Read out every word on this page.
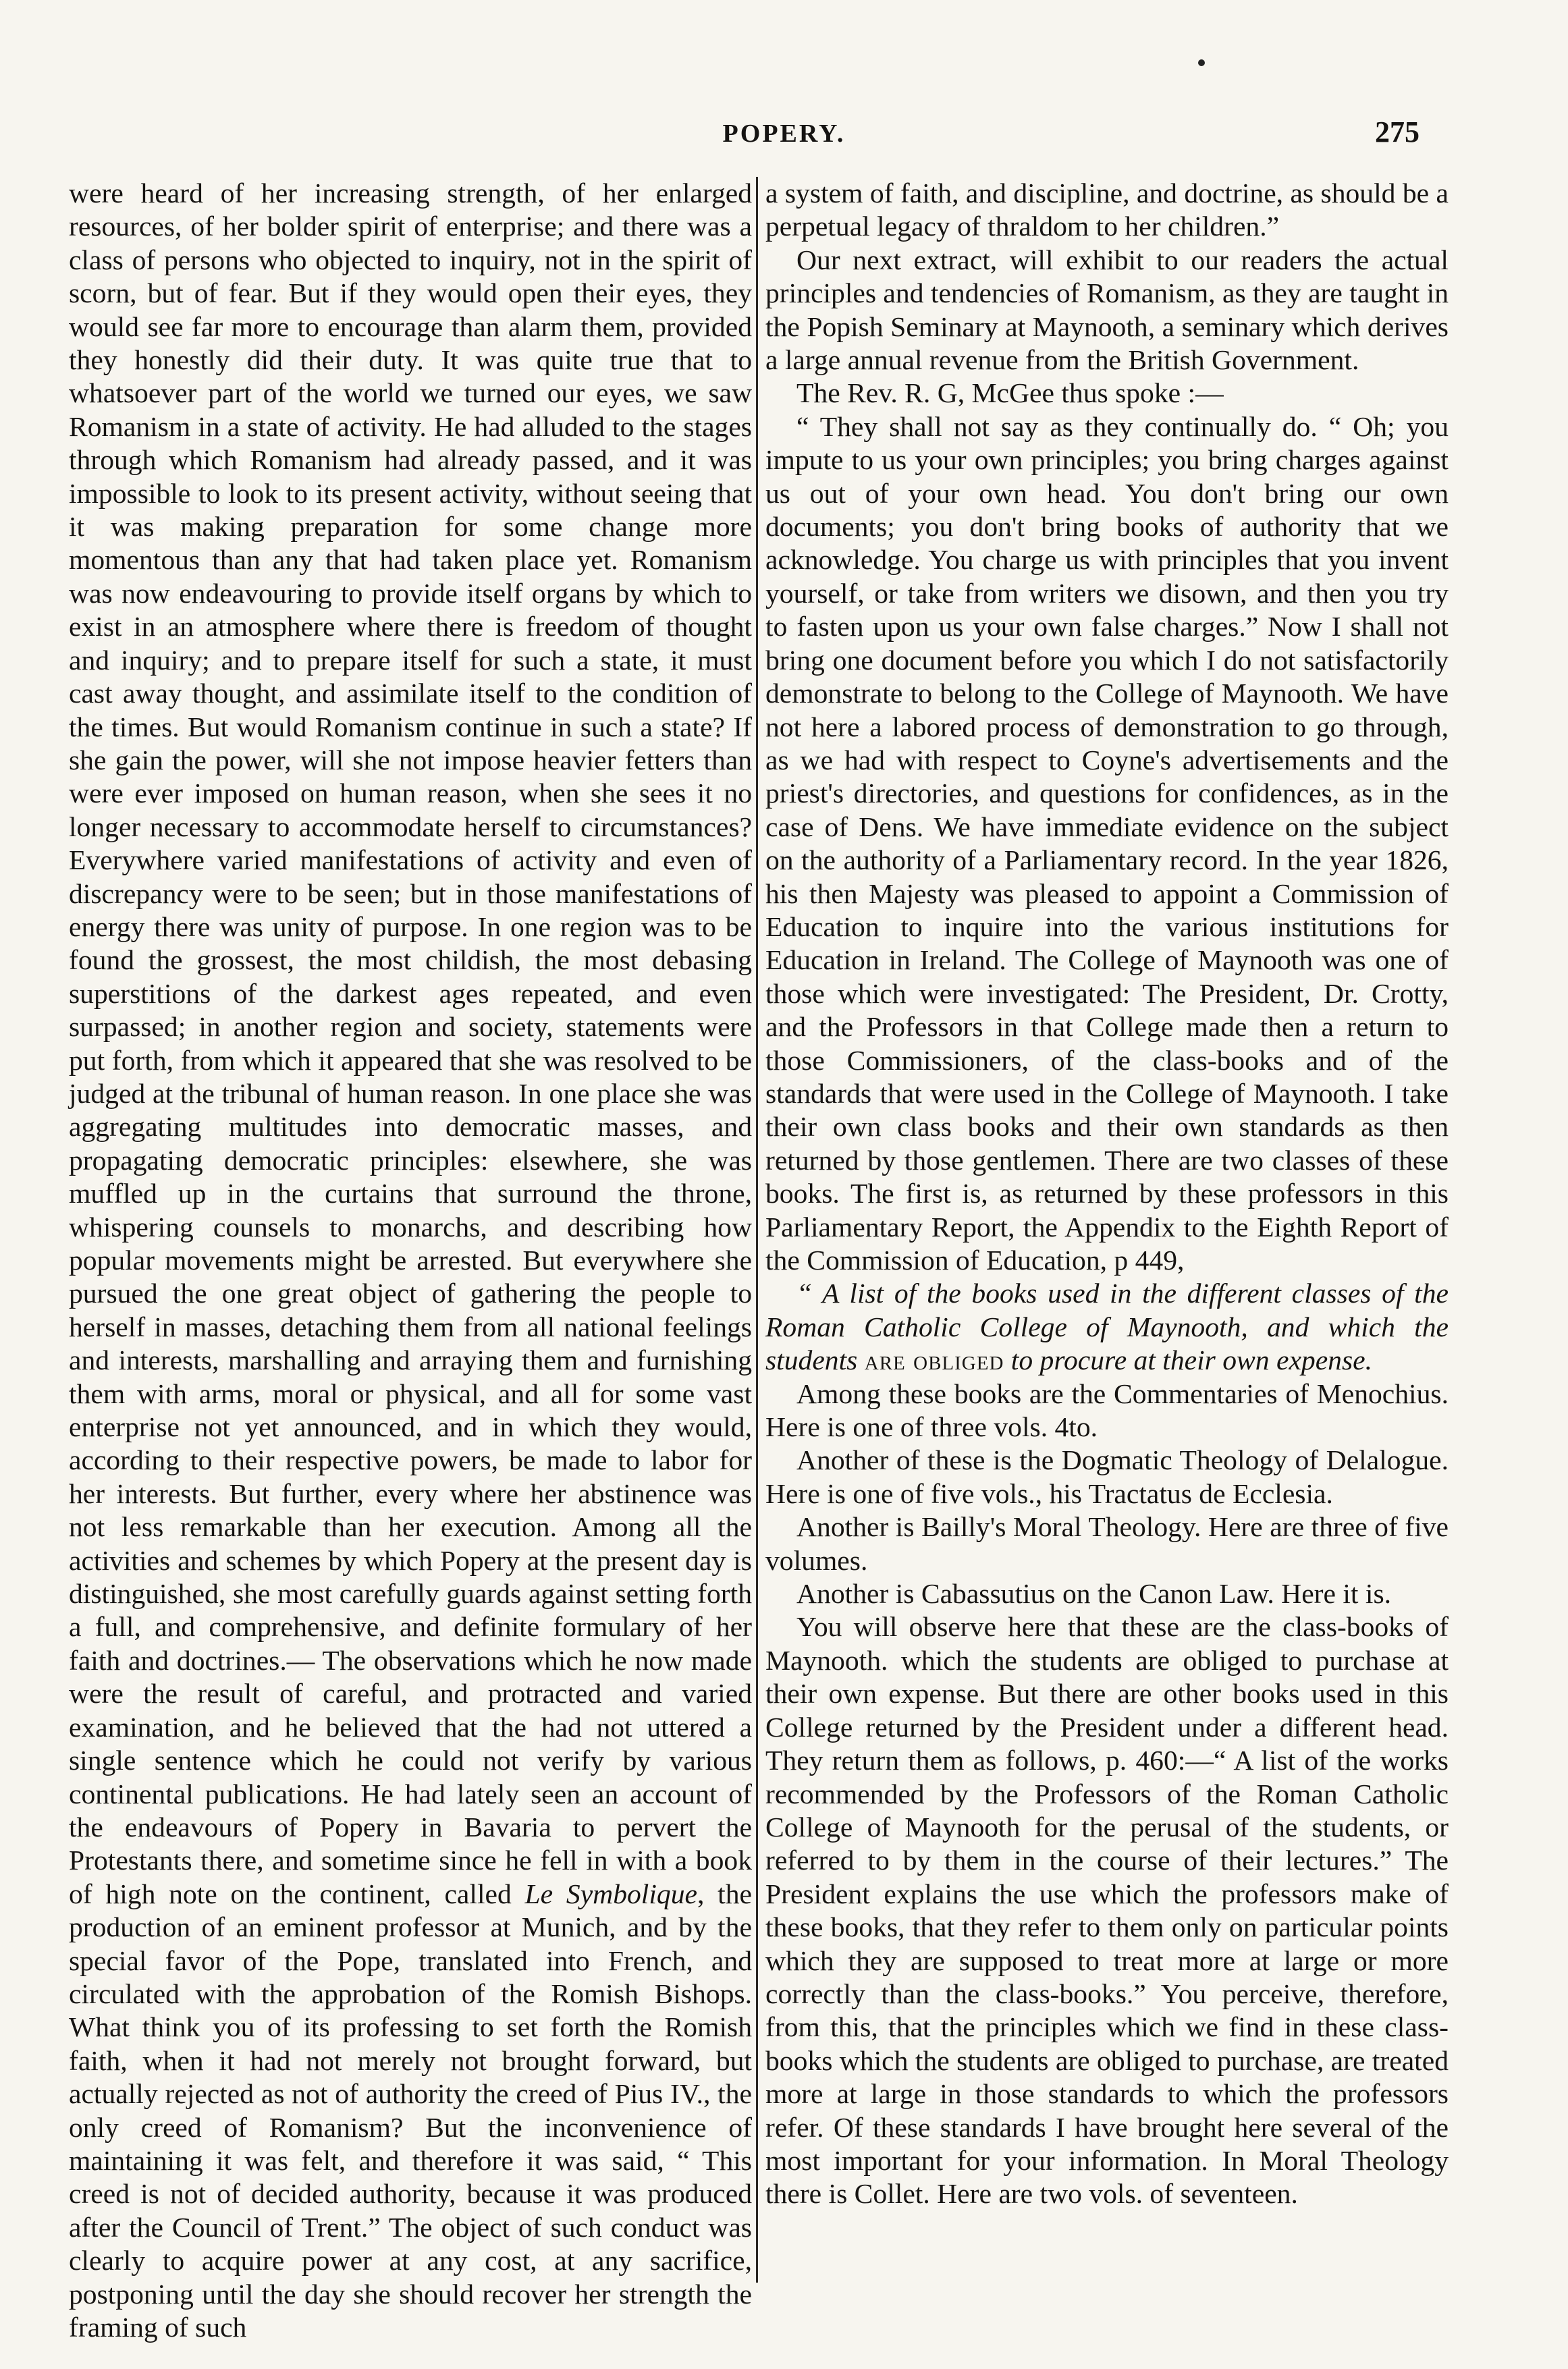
POPERY.	275

were heard of her increasing strength, of her enlarged resources, of her bolder spirit of enterprise; and there was a class of persons who objected to inquiry, not in the spirit of scorn, but of fear. But if they would open their eyes, they would see far more to encourage than alarm them, provided they honestly did their duty. It was quite true that to whatsoever part of the world we turned our eyes, we saw Romanism in a state of activity. He had alluded to the stages through which Romanism had already passed, and it was impossible to look to its present activity, without seeing that it was making preparation for some change more momentous than any that had taken place yet. Romanism was now endeavouring to provide itself organs by which to exist in an atmosphere where there is freedom of thought and inquiry; and to prepare itself for such a state, it must cast away thought, and assimilate itself to the condition of the times. But would Romanism continue in such a state? If she gain the power, will she not impose heavier fetters than were ever imposed on human reason, when she sees it no longer necessary to accommodate herself to circumstances? Everywhere varied manifestations of activity and even of discrepancy were to be seen; but in those manifestations of energy there was unity of purpose. In one region was to be found the grossest, the most childish, the most debasing superstitions of the darkest ages repeated, and even surpassed; in another region and society, statements were put forth, from which it appeared that she was resolved to be judged at the tribunal of human reason. In one place she was aggregating multitudes into democratic masses, and propagating democratic principles: elsewhere, she was muffled up in the curtains that surround the throne, whispering counsels to monarchs, and describing how popular movements might be arrested. But everywhere she pursued the one great object of gathering the people to herself in masses, detaching them from all national feelings and interests, marshalling and arraying them and furnishing them with arms, moral or physical, and all for some vast enterprise not yet announced, and in which they would, according to their respective powers, be made to labor for her interests. But further, every where her abstinence was not less remarkable than her execution. Among all the activities and schemes by which Popery at the present day is distinguished, she most carefully guards against setting forth a full, and comprehensive, and definite formulary of her faith and doctrines.— The observations which he now made were the result of careful, and protracted and varied examination, and he believed that the had not uttered a single sentence which he could not verify by various continental publications. He had lately seen an account of the endeavours of Popery in Bavaria to pervert the Protestants there, and sometime since he fell in with a book of high note on the continent, called Le Symbolique, the production of an eminent professor at Munich, and by the special favor of the Pope, translated into French, and circulated with the approbation of the Romish Bishops. What think you of its professing to set forth the Romish faith, when it had not merely not brought forward, but actually rejected as not of authority the creed of Pius IV., the only creed of Romanism? But the inconvenience of maintaining it was felt, and therefore it was said, “ This creed is not of decided authority, because it was produced after the Council of Trent.” The object of such conduct was clearly to acquire power at any cost, at any sacrifice, postponing until the day she should recover her strength the framing of such

a system of faith, and discipline, and doctrine, as should be a perpetual legacy of thraldom to her children.”

Our next extract, will exhibit to our readers the actual principles and tendencies of Romanism, as they are taught in the Popish Seminary at Maynooth, a seminary which derives a large annual revenue from the British Government.

The Rev. R. G, McGee thus spoke :—

“ They shall not say as they continually do. “ Oh; you impute to us your own principles; you bring charges against us out of your own head. You don't bring our own documents; you don't bring books of authority that we acknowledge. You charge us with principles that you invent yourself, or take from writers we disown, and then you try to fasten upon us your own false charges.” Now I shall not bring one document before you which I do not satisfactorily demonstrate to belong to the College of Maynooth. We have not here a labored process of demonstration to go through, as we had with respect to Coyne's advertisements and the priest's directories, and questions for confidences, as in the case of Dens. We have immediate evidence on the subject on the authority of a Parliamentary record. In the year 1826, his then Majesty was pleased to appoint a Commission of Education to inquire into the various institutions for Education in Ireland. The College of Maynooth was one of those which were investigated: The President, Dr. Crotty, and the Professors in that College made then a return to those Commissioners, of the class-books and of the standards that were used in the College of Maynooth. I take their own class books and their own standards as then returned by those gentlemen. There are two classes of these books. The first is, as returned by these professors in this Parliamentary Report, the Appendix to the Eighth Report of the Commission of Education, p 449,

“ A list of the books used in the different classes of the Roman Catholic College of Maynooth, and which the students are obliged to procure at their own expense.

Among these books are the Commentaries of Menochius. Here is one of three vols. 4to.

Another of these is the Dogmatic Theology of Delalogue. Here is one of five vols., his Tractatus de Ecclesia.

Another is Bailly's Moral Theology. Here are three of five volumes.

Another is Cabassutius on the Canon Law. Here it is.

You will observe here that these are the class-books of Maynooth. which the students are obliged to purchase at their own expense. But there are other books used in this College returned by the President under a different head. They return them as follows, p. 460:—“ A list of the works recommended by the Professors of the Roman Catholic College of Maynooth for the perusal of the students, or referred to by them in the course of their lectures.” The President explains the use which the professors make of these books, that they refer to them only on particular points which they are supposed to treat more at large or more correctly than the class-books.” You perceive, therefore, from this, that the principles which we find in these class-books which the students are obliged to purchase, are treated more at large in those standards to which the professors refer. Of these standards I have brought here several of the most important for your information. In Moral Theology there is Collet. Here are two vols. of seventeen.
